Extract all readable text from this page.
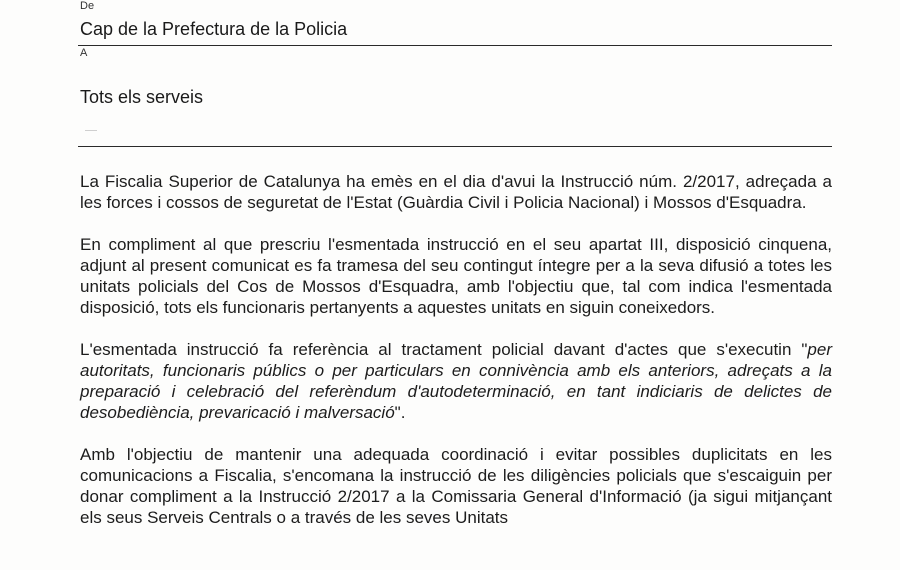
De
Cap de la Prefectura de la Policia
A
Tots els serveis

La Fiscalia Superior de Catalunya ha emès en el dia d'avui la Instrucció núm. 2/2017, adreçada a les forces i cossos de seguretat de l'Estat (Guàrdia Civil i Policia Nacional) i Mossos d'Esquadra.

En compliment al que prescriu l'esmentada instrucció en el seu apartat III, disposició cinquena, adjunt al present comunicat es fa tramesa del seu contingut íntegre per a la seva difusió a totes les unitats policials del Cos de Mossos d'Esquadra, amb l'objectiu que, tal com indica l'esmentada disposició, tots els funcionaris pertanyents a aquestes unitats en siguin coneixedors.

L'esmentada instrucció fa referència al tractament policial davant d'actes que s'executin "per autoritats, funcionaris públics o per particulars en connivència amb els anteriors, adreçats a la preparació i celebració del referèndum d'autodeterminació, en tant indiciaris de delictes de desobediència, prevaricació i malversació".

Amb l'objectiu de mantenir una adequada coordinació i evitar possibles duplicitats en les comunicacions a Fiscalia, s'encomana la instrucció de les diligències policials que s'escaiguin per donar compliment a la Instrucció 2/2017 a la Comissaria General d'Informació (ja sigui mitjançant els seus Serveis Centrals o a través de les seves Unitats
